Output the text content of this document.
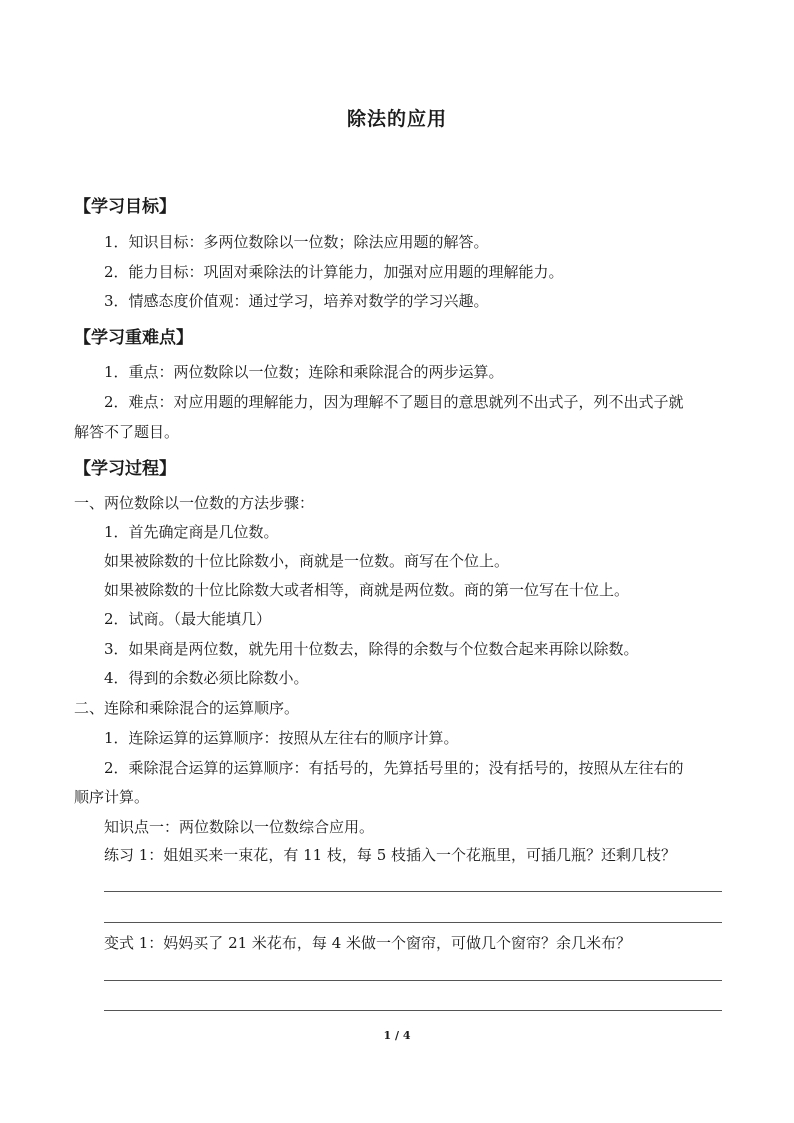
除法的应用
【学习目标】
1．知识目标：多两位数除以一位数；除法应用题的解答。
2．能力目标：巩固对乘除法的计算能力，加强对应用题的理解能力。
3．情感态度价值观：通过学习，培养对数学的学习兴趣。
【学习重难点】
1．重点：两位数除以一位数；连除和乘除混合的两步运算。
2．难点：对应用题的理解能力，因为理解不了题目的意思就列不出式子，列不出式子就
解答不了题目。
【学习过程】
一、两位数除以一位数的方法步骤：
1．首先确定商是几位数。
如果被除数的十位比除数小，商就是一位数。商写在个位上。
如果被除数的十位比除数大或者相等，商就是两位数。商的第一位写在十位上。
2．试商。（最大能填几）
3．如果商是两位数，就先用十位数去，除得的余数与个位数合起来再除以除数。
4．得到的余数必须比除数小。
二、连除和乘除混合的运算顺序。
1．连除运算的运算顺序：按照从左往右的顺序计算。
2．乘除混合运算的运算顺序：有括号的，先算括号里的；没有括号的，按照从左往右的
顺序计算。
知识点一：两位数除以一位数综合应用。
练习 1：姐姐买来一束花，有 11 枝，每 5 枝插入一个花瓶里，可插几瓶？还剩几枝？
变式 1：妈妈买了 21 米花布，每 4 米做一个窗帘，可做几个窗帘？余几米布？
1 / 4
